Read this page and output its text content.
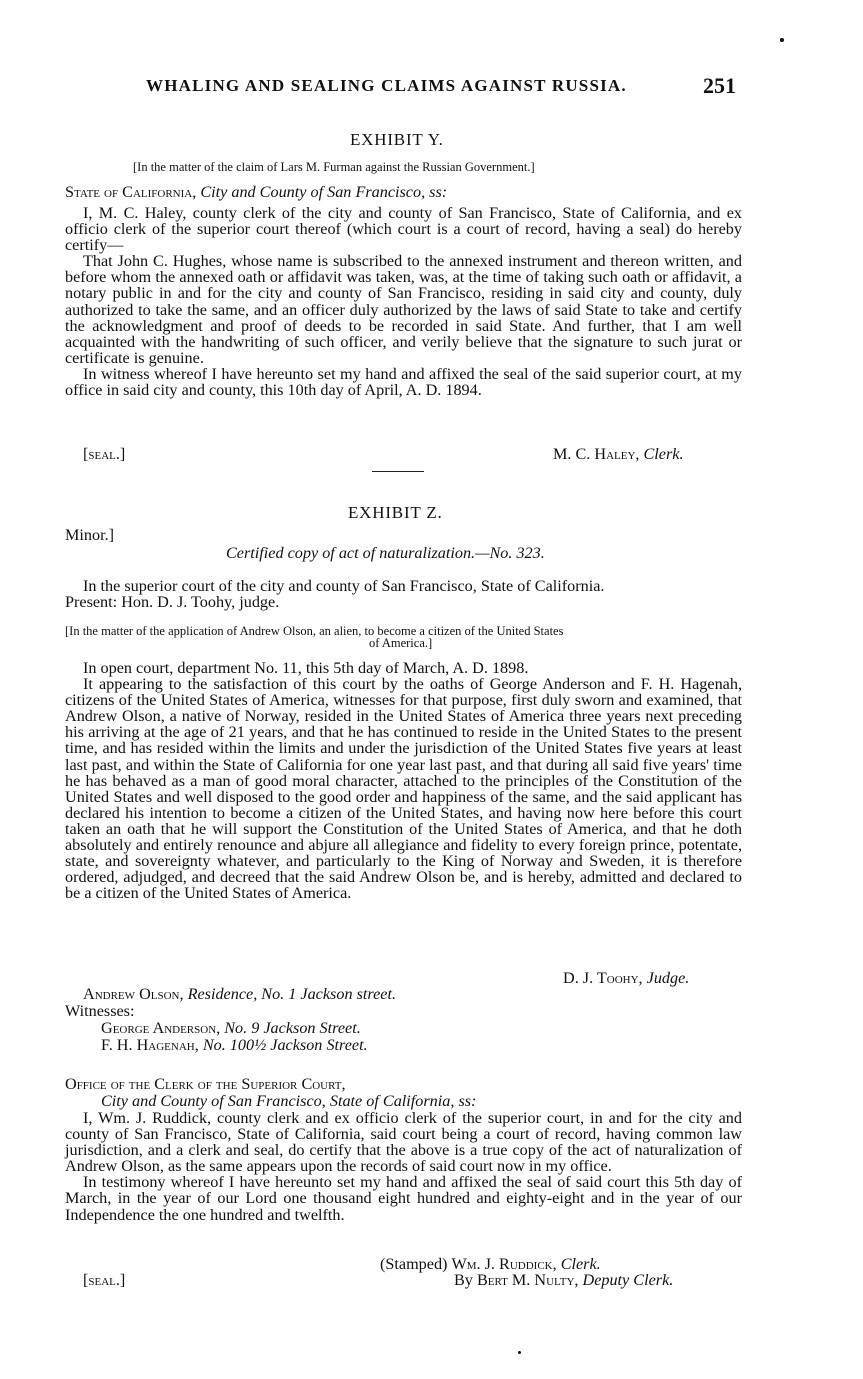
WHALING AND SEALING CLAIMS AGAINST RUSSIA.	251
EXHIBIT Y.
[In the matter of the claim of Lars M. Furman against the Russian Government.]
State of California, City and County of San Francisco, ss:

I, M. C. Haley, county clerk of the city and county of San Francisco, State of California, and ex officio clerk of the superior court thereof (which court is a court of record, having a seal) do hereby certify—

That John C. Hughes, whose name is subscribed to the annexed instrument and thereon written, and before whom the annexed oath or affidavit was taken, was, at the time of taking such oath or affidavit, a notary public in and for the city and county of San Francisco, residing in said city and county, duly authorized to take the same, and an officer duly authorized by the laws of said State to take and certify the acknowledgment and proof of deeds to be recorded in said State. And further, that I am well acquainted with the handwriting of such officer, and verily believe that the signature to such jurat or certificate is genuine.

In witness whereof I have hereunto set my hand and affixed the seal of the said superior court, at my office in said city and county, this 10th day of April, A. D. 1894.

[seal.]	M. C. Haley, Clerk.
EXHIBIT Z.
Minor.]
Certified copy of act of naturalization.—No. 323.
In the superior court of the city and county of San Francisco, State of California.
Present: Hon. D. J. Toohy, judge.
[In the matter of the application of Andrew Olson, an alien, to become a citizen of the United States
of America.]

In open court, department No. 11, this 5th day of March, A. D. 1898.

It appearing to the satisfaction of this court by the oaths of George Anderson and F. H. Hagenah, citizens of the United States of America, witnesses for that purpose, first duly sworn and examined, that Andrew Olson, a native of Norway, resided in the United States of America three years next preceding his arriving at the age of 21 years, and that he has continued to reside in the United States to the present time, and has resided within the limits and under the jurisdiction of the United States five years at least last past, and within the State of California for one year last past, and that during all said five years' time he has behaved as a man of good moral character, attached to the principles of the Constitution of the United States and well disposed to the good order and happiness of the same, and the said applicant has declared his intention to become a citizen of the United States, and having now here before this court taken an oath that he will support the Constitution of the United States of America, and that he doth absolutely and entirely renounce and abjure all allegiance and fidelity to every foreign prince, potentate, state, and sovereignty whatever, and particularly to the King of Norway and Sweden, it is therefore ordered, adjudged, and decreed that the said Andrew Olson be, and is hereby, admitted and declared to be a citizen of the United States of America.

D. J. Toohy, Judge.
Andrew Olson, Residence, No. 1 Jackson street.
Witnesses:
George Anderson, No. 9 Jackson Street.
F. H. Hagenah, No. 100½ Jackson Street.
Office of the Clerk of the Superior Court,
City and County of San Francisco, State of California, ss:

I, Wm. J. Ruddick, county clerk and ex officio clerk of the superior court, in and for the city and county of San Francisco, State of California, said court being a court of record, having common law jurisdiction, and a clerk and seal, do certify that the above is a true copy of the act of naturalization of Andrew Olson, as the same appears upon the records of said court now in my office.

In testimony whereof I have hereunto set my hand and affixed the seal of said court this 5th day of March, in the year of our Lord one thousand eight hundred and eighty-eight and in the year of our Independence the one hundred and twelfth.

(Stamped) Wm. J. Ruddick, Clerk.
[seal.]	By Bert M. Nulty, Deputy Clerk.
